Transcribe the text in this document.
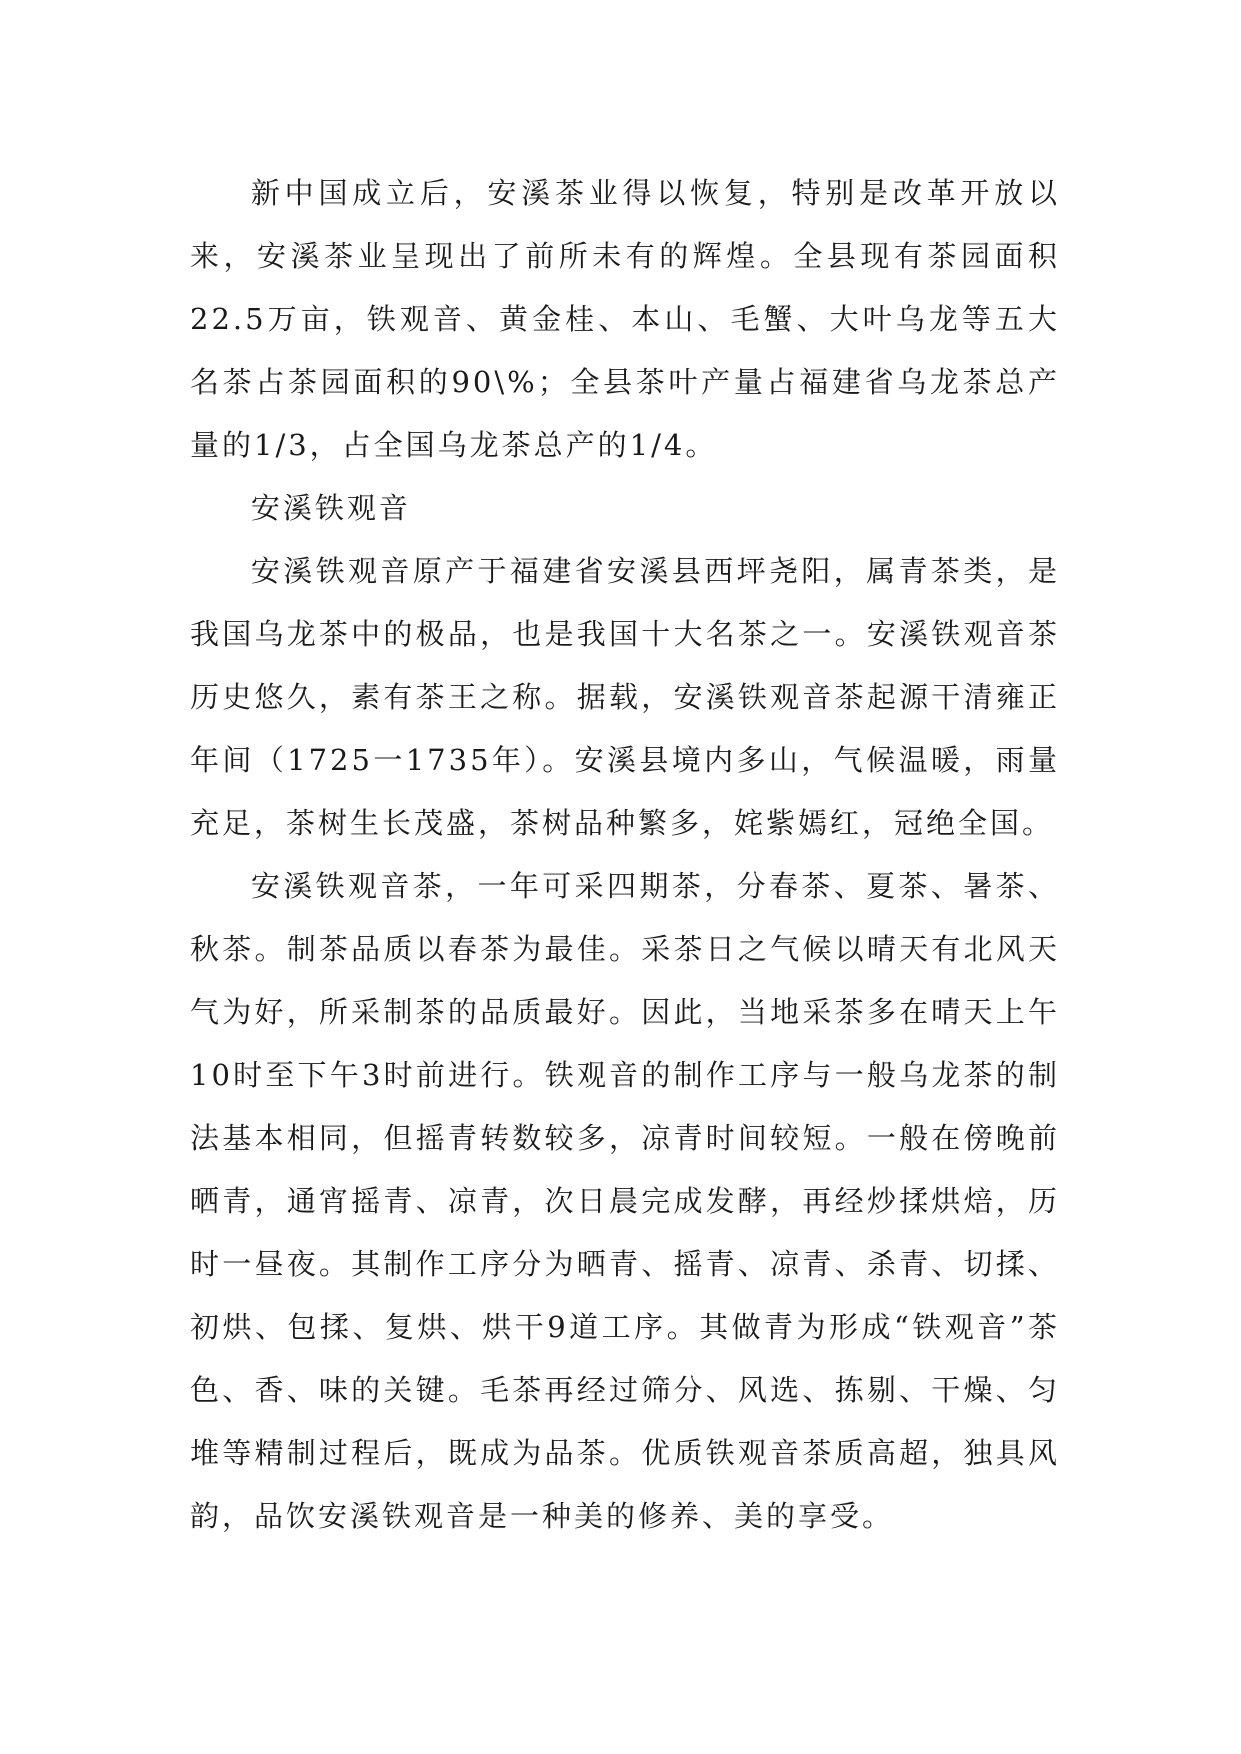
新中国成立后，安溪茶业得以恢复，特别是改革开放以来，安溪茶业呈现出了前所未有的辉煌。全县现有茶园面积22.5万亩，铁观音、黄金桂、本山、毛蟹、大叶乌龙等五大名茶占茶园面积的90\%；全县茶叶产量占福建省乌龙茶总产量的1/3，占全国乌龙茶总产的1/4。

安溪铁观音

安溪铁观音原产于福建省安溪县西坪尧阳，属青茶类，是我国乌龙茶中的极品，也是我国十大名茶之一。安溪铁观音茶历史悠久，素有茶王之称。据载，安溪铁观音茶起源干清雍正年间（1725一1735年）。安溪县境内多山，气候温暖，雨量充足，茶树生长茂盛，茶树品种繁多，姹紫嫣红，冠绝全国。

安溪铁观音茶，一年可采四期茶，分春茶、夏茶、暑茶、秋茶。制茶品质以春茶为最佳。采茶日之气候以晴天有北风天气为好，所采制茶的品质最好。因此，当地采茶多在晴天上午10时至下午3时前进行。铁观音的制作工序与一般乌龙茶的制法基本相同，但摇青转数较多，凉青时间较短。一般在傍晚前晒青，通宵摇青、凉青，次日晨完成发酵，再经炒揉烘焙，历时一昼夜。其制作工序分为晒青、摇青、凉青、杀青、切揉、初烘、包揉、复烘、烘干9道工序。其做青为形成“铁观音”茶色、香、味的关键。毛茶再经过筛分、风选、拣剔、干燥、匀堆等精制过程后，既成为品茶。优质铁观音茶质高超，独具风韵，品饮安溪铁观音是一种美的修养、美的享受。
